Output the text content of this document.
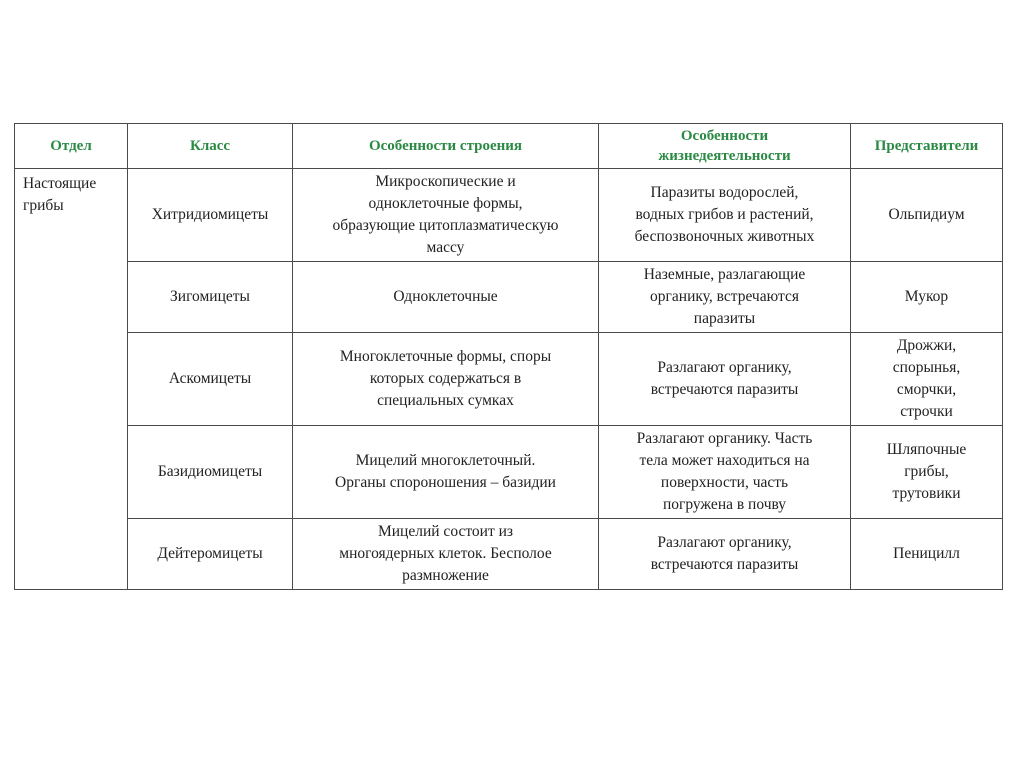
Отдел	Класс	Особенности строения	Особенности
жизнедеятельности	Представители
Настоящие
грибы	Хитридиомицеты	Микроскопические и
одноклеточные формы,
образующие цитоплазматическую
массу	Паразиты водорослей,
водных грибов и растений,
беспозвоночных животных	Ольпидиум
	Зигомицеты	Одноклеточные	Наземные, разлагающие
органику, встречаются
паразиты	Мукор
	Аскомицеты	Многоклеточные формы, споры
которых содержаться в
специальных сумках	Разлагают органику,
встречаются паразиты	Дрожжи,
спорынья,
сморчки,
строчки
	Базидиомицеты	Мицелий многоклеточный.
Органы спороношения – базидии	Разлагают органику. Часть
тела может находиться на
поверхности, часть
погружена в почву	Шляпочные
грибы,
трутовики
	Дейтеромицеты	Мицелий состоит из
многоядерных клеток. Бесполое
размножение	Разлагают органику,
встречаются паразиты	Пеницилл
